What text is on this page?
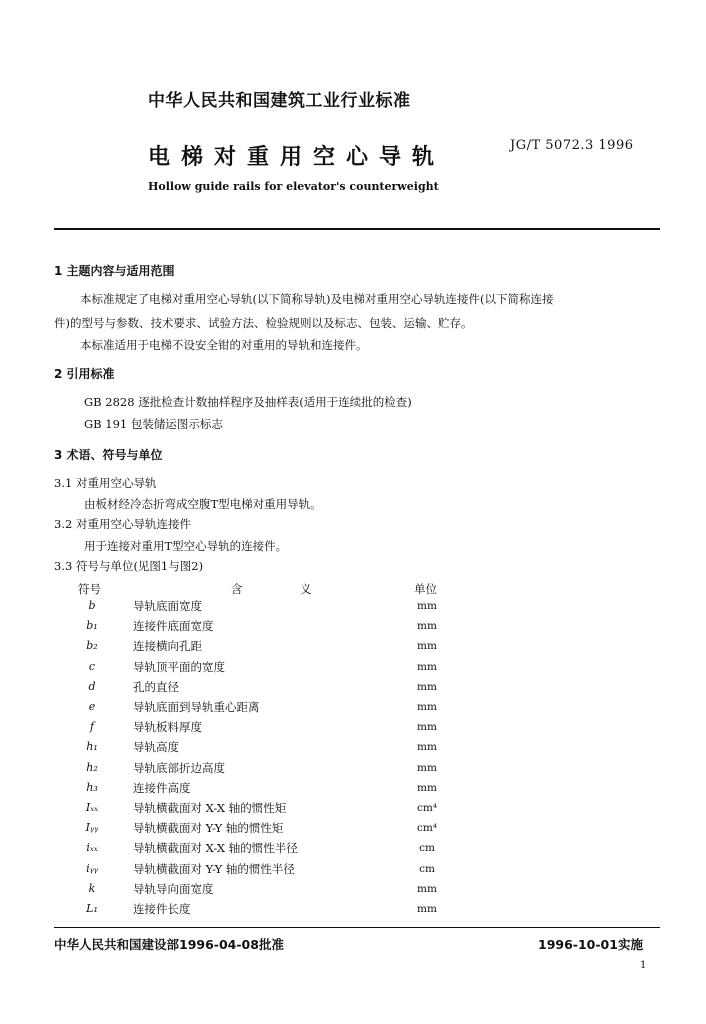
中华人民共和国建筑工业行业标准
电梯对重用空心导轨	JG/T 5072.3 1996
Hollow guide rails for elevator's counterweight
1 主题内容与适用范围
本标准规定了电梯对重用空心导轨(以下简称导轨)及电梯对重用空心导轨连接件(以下简称连接
件)的型号与参数、技术要求、试验方法、检验规则以及标志、包装、运输、贮存。
本标准适用于电梯不设安全钳的对重用的导轨和连接件。
2 引用标准
GB 2828 逐批检查计数抽样程序及抽样表(适用于连续批的检查)
GB 191 包装储运图示标志
3 术语、符号与单位
3.1 对重用空心导轨
由板材经冷态折弯成空腹T型电梯对重用导轨。
3.2 对重用空心导轨连接件
用于连接对重用T型空心导轨的连接件。
3.3 符号与单位(见图1与图2)
符号	含	义	单位
b	导轨底面宽度	mm
b₁	连接件底面宽度	mm
b₂	连接横向孔距	mm
c	导轨顶平面的宽度	mm
d	孔的直径	mm
e	导轨底面到导轨重心距离	mm
f	导轨板料厚度	mm
h₁	导轨高度	mm
h₂	导轨底部折边高度	mm
h₃	连接件高度	mm
Iₓₓ	导轨横截面对 X-X 轴的惯性矩	cm⁴
Iᵧᵧ	导轨横截面对 Y-Y 轴的惯性矩	cm⁴
iₓₓ	导轨横截面对 X-X 轴的惯性半径	cm
iᵧᵧ	导轨横截面对 Y-Y 轴的惯性半径	cm
k	导轨导向面宽度	mm
L₁	连接件长度	mm
中华人民共和国建设部1996-04-08批准	1996-10-01实施
1
